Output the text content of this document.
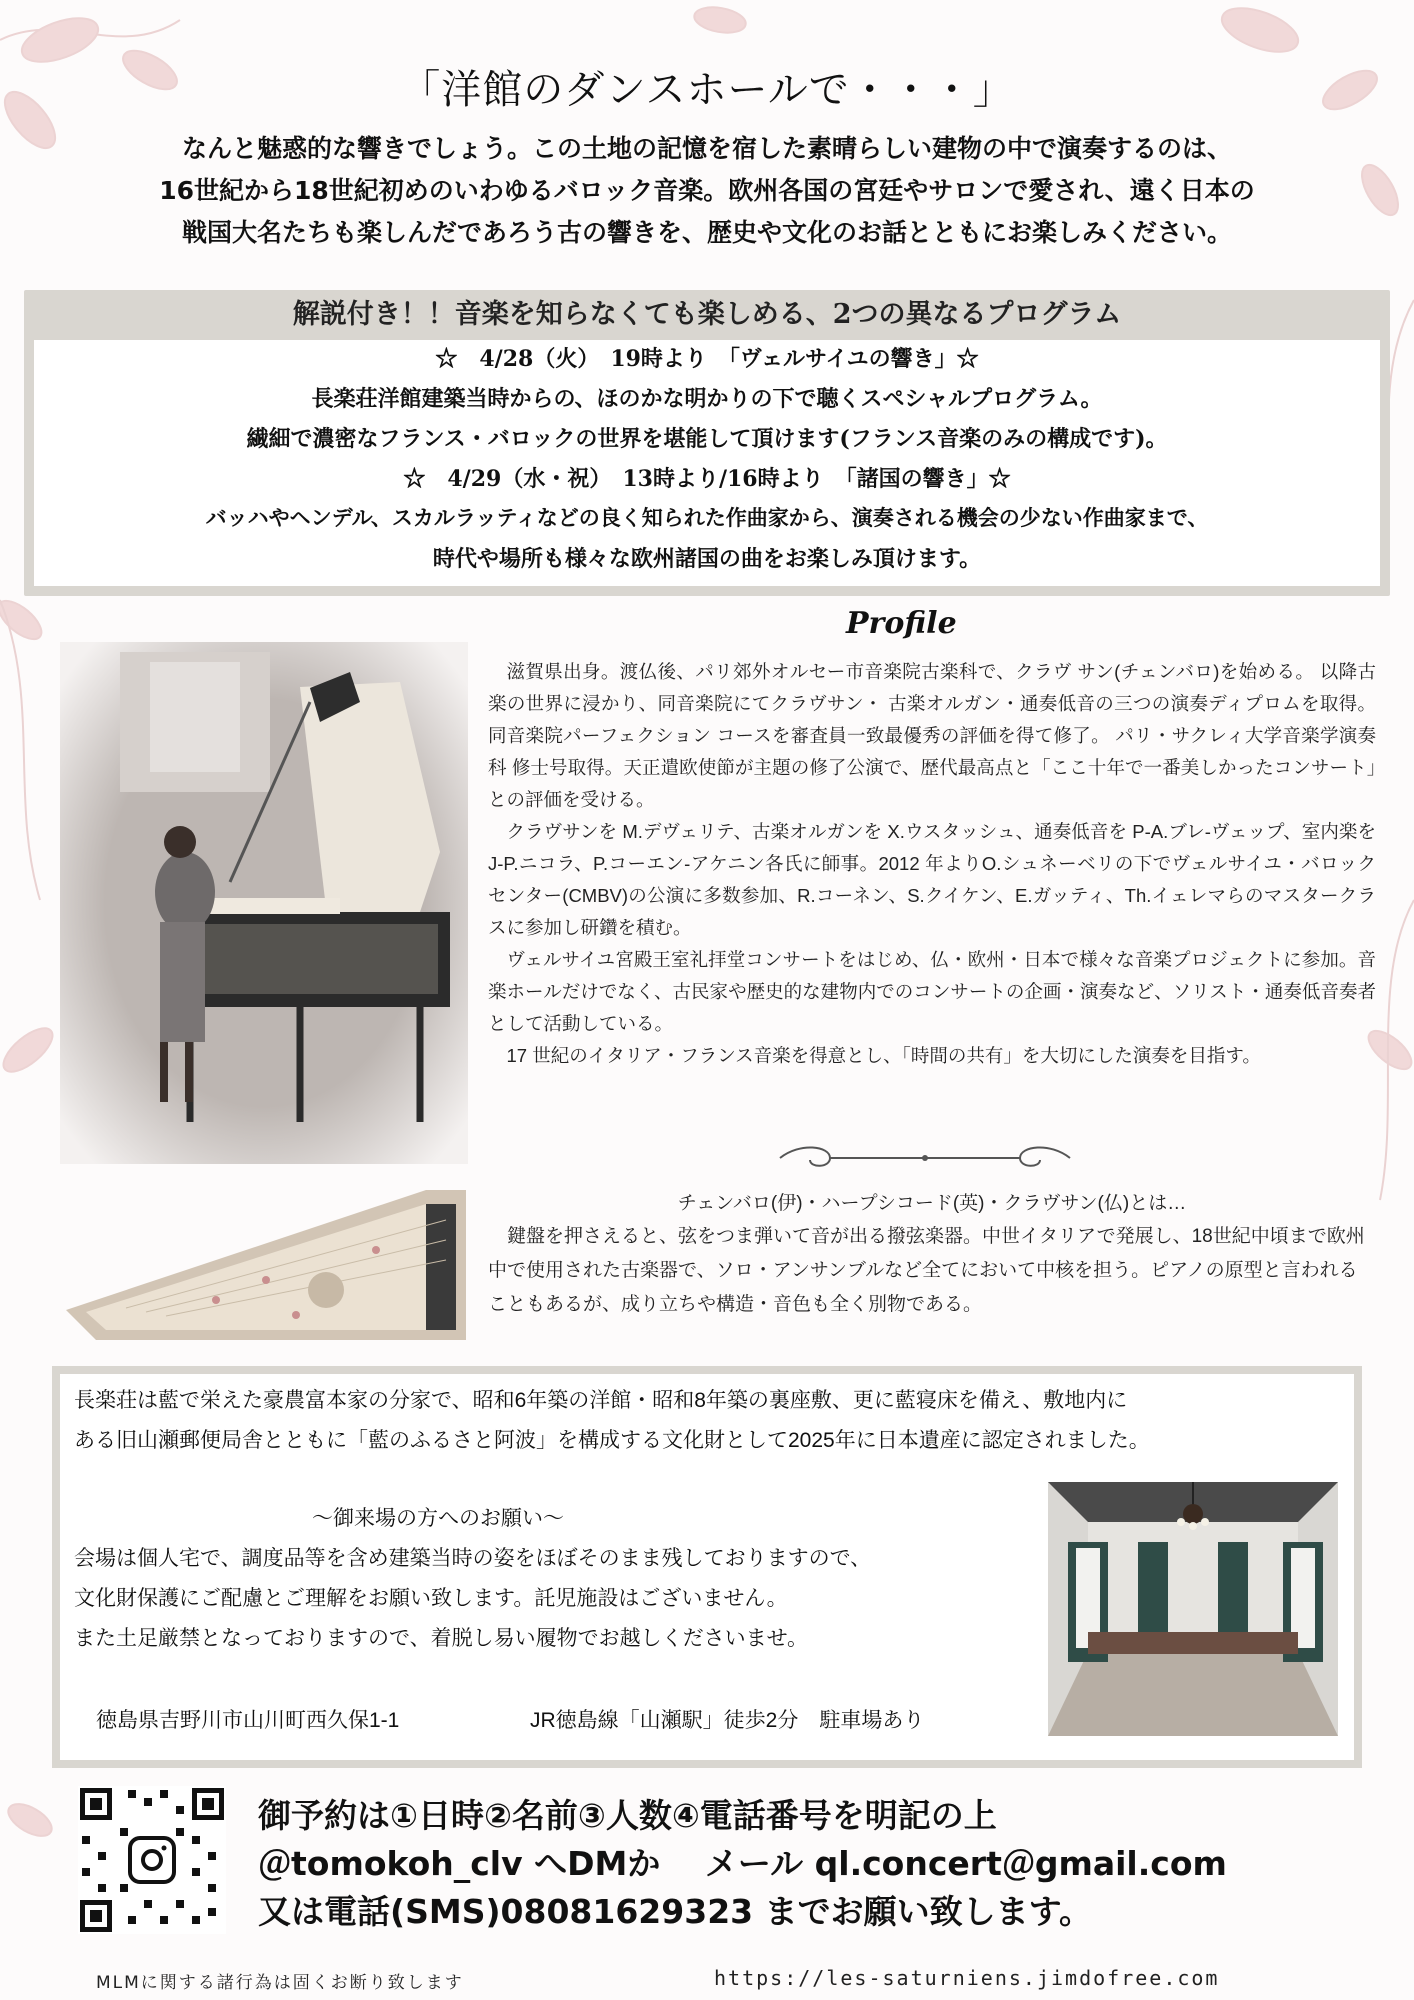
「洋館のダンスホールで・・・」
なんと魅惑的な響きでしょう。この土地の記憶を宿した素晴らしい建物の中で演奏するのは、
16世紀から18世紀初めのいわゆるバロック音楽。欧州各国の宮廷やサロンで愛され、遠く日本の
戦国大名たちも楽しんだであろう古の響きを、歴史や文化のお話とともにお楽しみください。
解説付き！！音楽を知らなくても楽しめる、2つの異なるプログラム
☆　4/28（火）　19時より　「ヴェルサイユの響き」☆
長楽荘洋館建築当時からの、ほのかな明かりの下で聴くスペシャルプログラム。
繊細で濃密なフランス・バロックの世界を堪能して頂けます(フランス音楽のみの構成です)。
☆　4/29（水・祝）　13時より/16時より　「諸国の響き」☆
バッハやヘンデル、スカルラッティなどの良く知られた作曲家から、演奏される機会の少ない作曲家まで、
時代や場所も様々な欧州諸国の曲をお楽しみ頂けます。
Profile

滋賀県出身。渡仏後、パリ郊外オルセー市音楽院古楽科で、クラヴ サン(チェンバロ)を始める。 以降古楽の世界に浸かり、同音楽院にてクラヴサン・ 古楽オルガン・通奏低音の三つの演奏ディプロムを取得。同音楽院パーフェクション コースを審査員一致最優秀の評価を得て修了。 パリ・サクレィ大学音楽学演奏科 修士号取得。天正遣欧使節が主題の修了公演で、歴代最高点と「ここ十年で一番美しかったコンサート」との評価を受ける。

クラヴサンを M.デヴェリテ、古楽オルガンを X.ウスタッシュ、通奏低音を P-A.ブレ-ヴェップ、室内楽を J-P.ニコラ、P.コーエン-アケニン各氏に師事。2012 年よりO.シュネーベリの下でヴェルサイユ・バロックセンター(CMBV)の公演に多数参加、R.コーネン、S.クイケン、E.ガッティ、Th.イェレマらのマスタークラスに参加し研鑽を積む。

ヴェルサイユ宮殿王室礼拝堂コンサートをはじめ、仏・欧州・日本で様々な音楽プロジェクトに参加。音楽ホールだけでなく、古民家や歴史的な建物内でのコンサートの企画・演奏など、ソリスト・通奏低音奏者として活動している。

17 世紀のイタリア・フランス音楽を得意とし、「時間の共有」を大切にした演奏を目指す。

チェンバロ(伊)・ハープシコード(英)・クラヴサン(仏)とは…
鍵盤を押さえると、弦をつま弾いて音が出る撥弦楽器。中世イタリアで発展し、18世紀中頃まで欧州中で使用された古楽器で、ソロ・アンサンブルなど全てにおいて中核を担う。ピアノの原型と言われることもあるが、成り立ちや構造・音色も全く別物である。
長楽荘は藍で栄えた豪農富本家の分家で、昭和6年築の洋館・昭和8年築の裏座敷、更に藍寝床を備え、敷地内に
ある旧山瀬郵便局舎とともに「藍のふるさと阿波」を構成する文化財として2025年に日本遺産に認定されました。
～御来場の方へのお願い～
会場は個人宅で、調度品等を含め建築当時の姿をほぼそのまま残しておりますので、
文化財保護にご配慮とご理解をお願い致します。託児施設はございません。
また土足厳禁となっておりますので、着脱し易い履物でお越しくださいませ。
徳島県吉野川市山川町西久保1-1	JR徳島線「山瀬駅」徒歩2分　駐車場あり
御予約は①日時②名前③人数④電話番号を明記の上
＠tomokoh_clv へDMか　 メール ql.concert＠gmail.com
又は電話(SMS)08081629323 までお願い致します。
MLMに関する諸行為は固くお断り致します	https://les-saturniens.jimdofree.com
